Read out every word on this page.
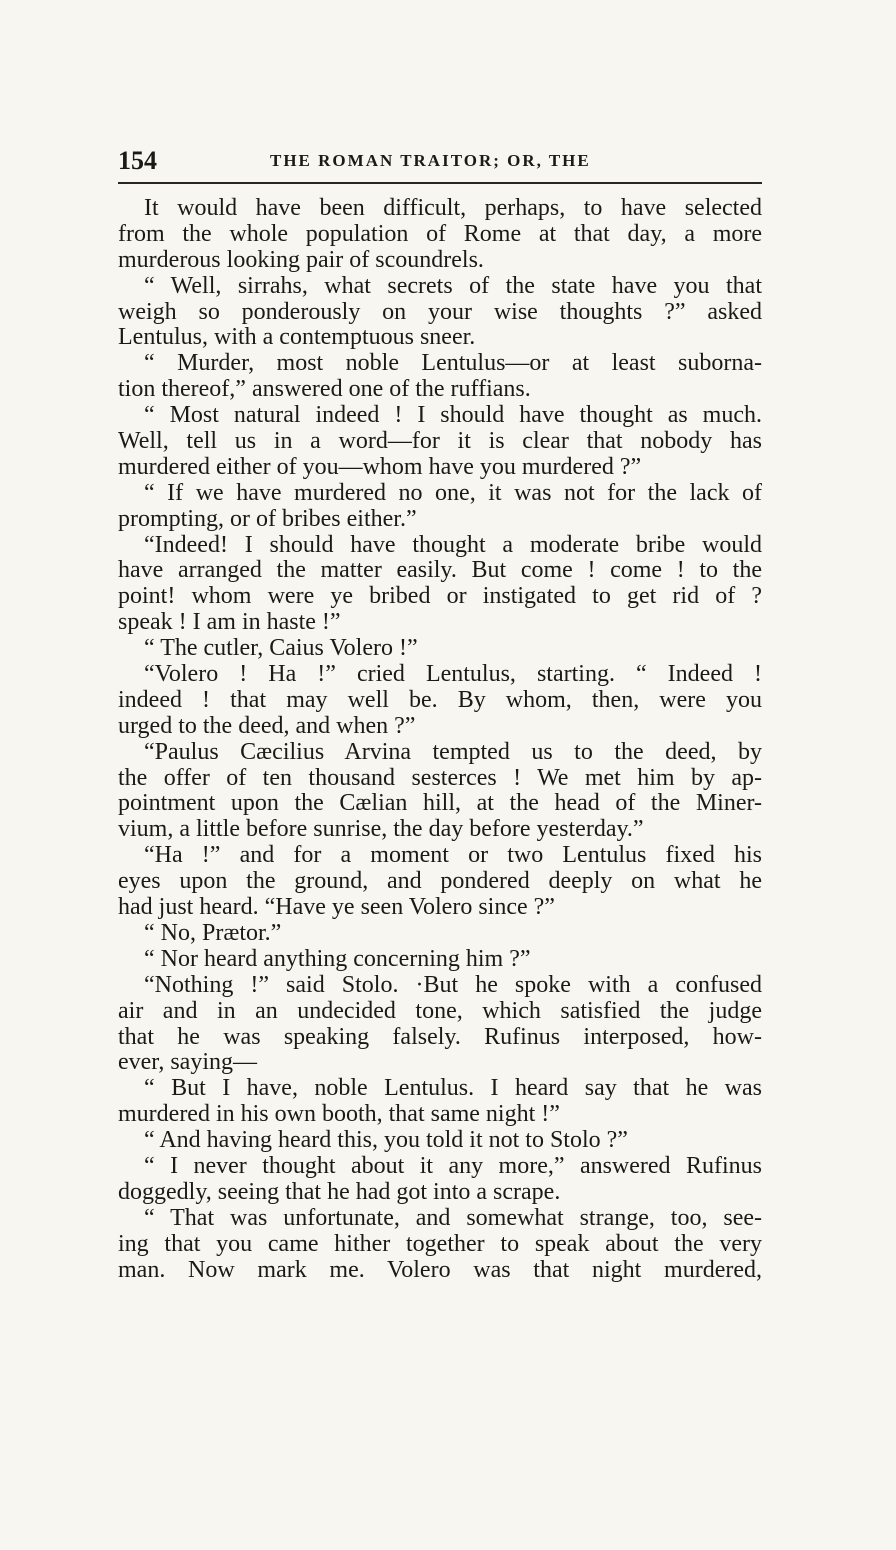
154	THE ROMAN TRAITOR; OR, THE
It would have been difficult, perhaps, to have selected
from the whole population of Rome at that day, a more
murderous looking pair of scoundrels.
“ Well, sirrahs, what secrets of the state have you that
weigh so ponderously on your wise thoughts ?” asked
Lentulus, with a contemptuous sneer.
“ Murder, most noble Lentulus—or at least suborna-
tion thereof,” answered one of the ruffians.
“ Most natural indeed ! I should have thought as much.
Well, tell us in a word—for it is clear that nobody has
murdered either of you—whom have you murdered ?”
“ If we have murdered no one, it was not for the lack of
prompting, or of bribes either.”
“Indeed! I should have thought a moderate bribe would
have arranged the matter easily. But come ! come ! to the
point! whom were ye bribed or instigated to get rid of ?
speak ! I am in haste !”
“ The cutler, Caius Volero !”
“Volero ! Ha !” cried Lentulus, starting. “ Indeed !
indeed ! that may well be. By whom, then, were you
urged to the deed, and when ?”
“Paulus Cæcilius Arvina tempted us to the deed, by
the offer of ten thousand sesterces ! We met him by ap-
pointment upon the Cælian hill, at the head of the Miner-
vium, a little before sunrise, the day before yesterday.”
“Ha !” and for a moment or two Lentulus fixed his
eyes upon the ground, and pondered deeply on what he
had just heard. “Have ye seen Volero since ?”
“ No, Prætor.”
“ Nor heard anything concerning him ?”
“Nothing !” said Stolo. ·But he spoke with a confused
air and in an undecided tone, which satisfied the judge
that he was speaking falsely. Rufinus interposed, how-
ever, saying—
“ But I have, noble Lentulus. I heard say that he was
murdered in his own booth, that same night !”
“ And having heard this, you told it not to Stolo ?”
“ I never thought about it any more,” answered Rufinus
doggedly, seeing that he had got into a scrape.
“ That was unfortunate, and somewhat strange, too, see-
ing that you came hither together to speak about the very
man. Now mark me. Volero was that night murdered,
